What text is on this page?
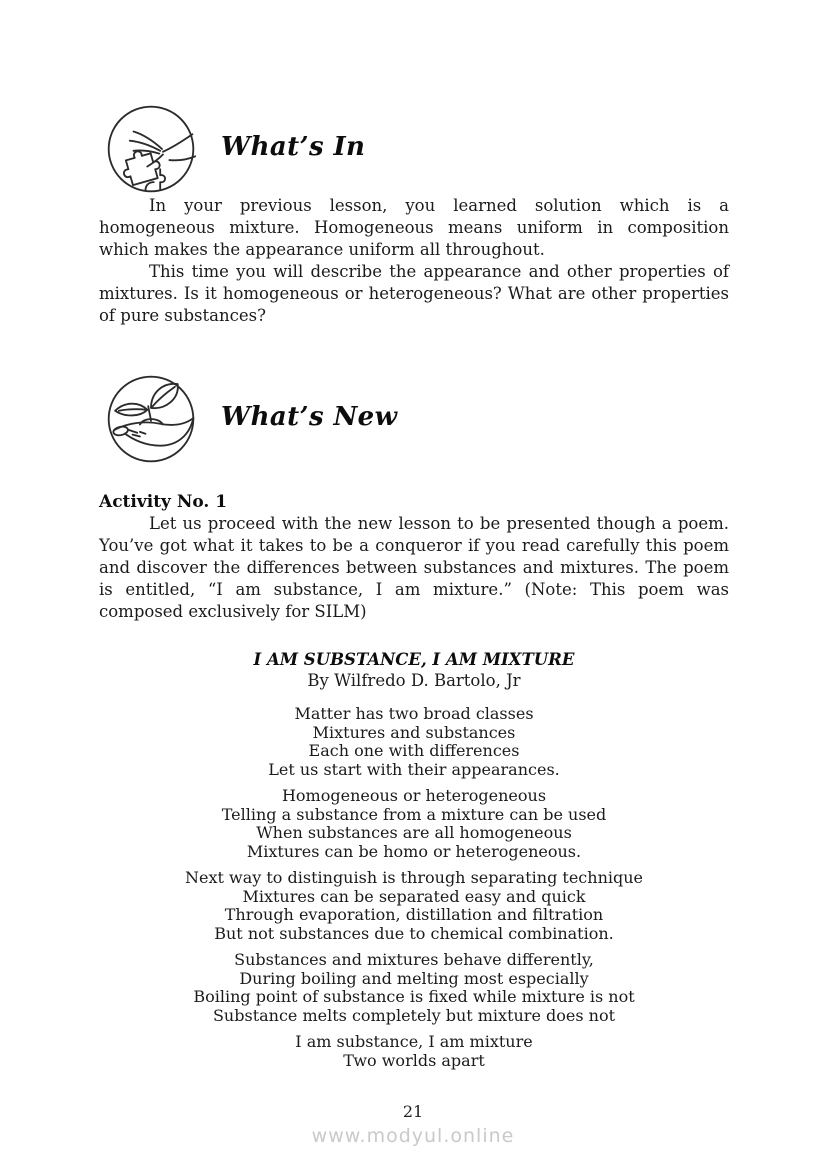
What’s In

In your previous lesson, you learned solution which is a homogeneous mixture. Homogeneous means uniform in composition which makes the appearance uniform all throughout.

This time you will describe the appearance and other properties of mixtures. Is it homogeneous or heterogeneous? What are other properties of pure substances?

What’s New
Activity No. 1

Let us proceed with the new lesson to be presented though a poem. You’ve got what it takes to be a conqueror if you read carefully this poem and discover the differences between substances and mixtures. The poem is entitled, “I am substance, I am mixture.” (Note: This poem was composed exclusively for SILM)

I AM SUBSTANCE, I AM MIXTURE
By Wilfredo D. Bartolo, Jr
Matter has two broad classes
Mixtures and substances
Each one with differences
Let us start with their appearances.
Homogeneous or heterogeneous
Telling a substance from a mixture can be used
When substances are all homogeneous
Mixtures can be homo or heterogeneous.
Next way to distinguish is through separating technique
Mixtures can be separated easy and quick
Through evaporation, distillation and filtration
But not substances due to chemical combination.
Substances and mixtures behave differently,
During boiling and melting most especially
Boiling point of substance is fixed while mixture is not
Substance melts completely but mixture does not
I am substance, I am mixture
Two worlds apart
21
www.modyul.online
